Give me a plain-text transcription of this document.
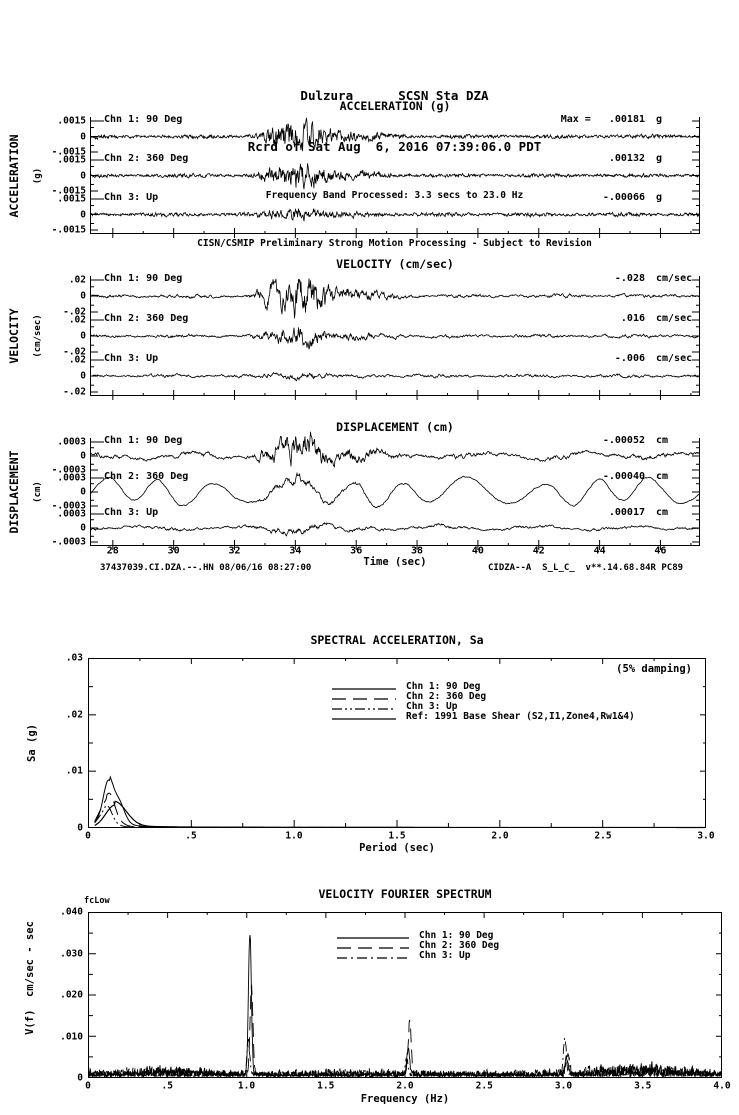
Dulzura      SCSN Sta DZA

Rcrd of Sat Aug  6, 2016 07:39:06.0 PDT

Frequency Band Processed: 3.3 secs to 23.0 Hz

CISN/CSMIP Preliminary Strong Motion Processing - Subject to Revision

ACCELERATION (g)
VELOCITY (cm/sec)
DISPLACEMENT (cm)
ACCELERATION (g)
VELOCITY (cm/sec)
DISPLACEMENT (cm)
Time (sec)
37437039.CI.DZA.--.HN 08/06/16 08:27:00	CIDZA--A  S_L_C_  v**.14.68.84R PC89
SPECTRAL ACCELERATION, Sa
(5% damping)
Sa (g)
Period (sec)
VELOCITY FOURIER SPECTRUM
fcLow
V(f)  cm/sec - sec
Frequency (Hz)
.0015
0
-.0015
Chn 1: 90 Deg	Max =   .00181 g
.0015
0
-.0015
Chn 2: 360 Deg	.00132 g
.0015
0
-.0015
Chn 3: Up	-.00066 g
.02
0
-.02
Chn 1: 90 Deg	-.028 cm/sec
.02
0
-.02
Chn 2: 360 Deg	.016 cm/sec
.02
0
-.02
Chn 3: Up	-.006 cm/sec
.0003
0
-.0003
Chn 1: 90 Deg	-.00052 cm
.0003
0
-.0003
Chn 2: 360 Deg	-.00040 cm
.0003
0
-.0003
Chn 3: Up	.00017 cm
28	30	32	34	36	38	40	42	44	46
0	.5	1.0	1.5	2.0	2.5	3.0
.03
.02
.01
0
Chn 1: 90 Deg
Chn 2: 360 Deg
Chn 3: Up
Ref: 1991 Base Shear (S2,I1,Zone4,Rw1&4)
0	.5	1.0	1.5	2.0	2.5	3.0	3.5	4.0
.040
.030
.020
.010
0
Chn 1: 90 Deg
Chn 2: 360 Deg
Chn 3: Up
